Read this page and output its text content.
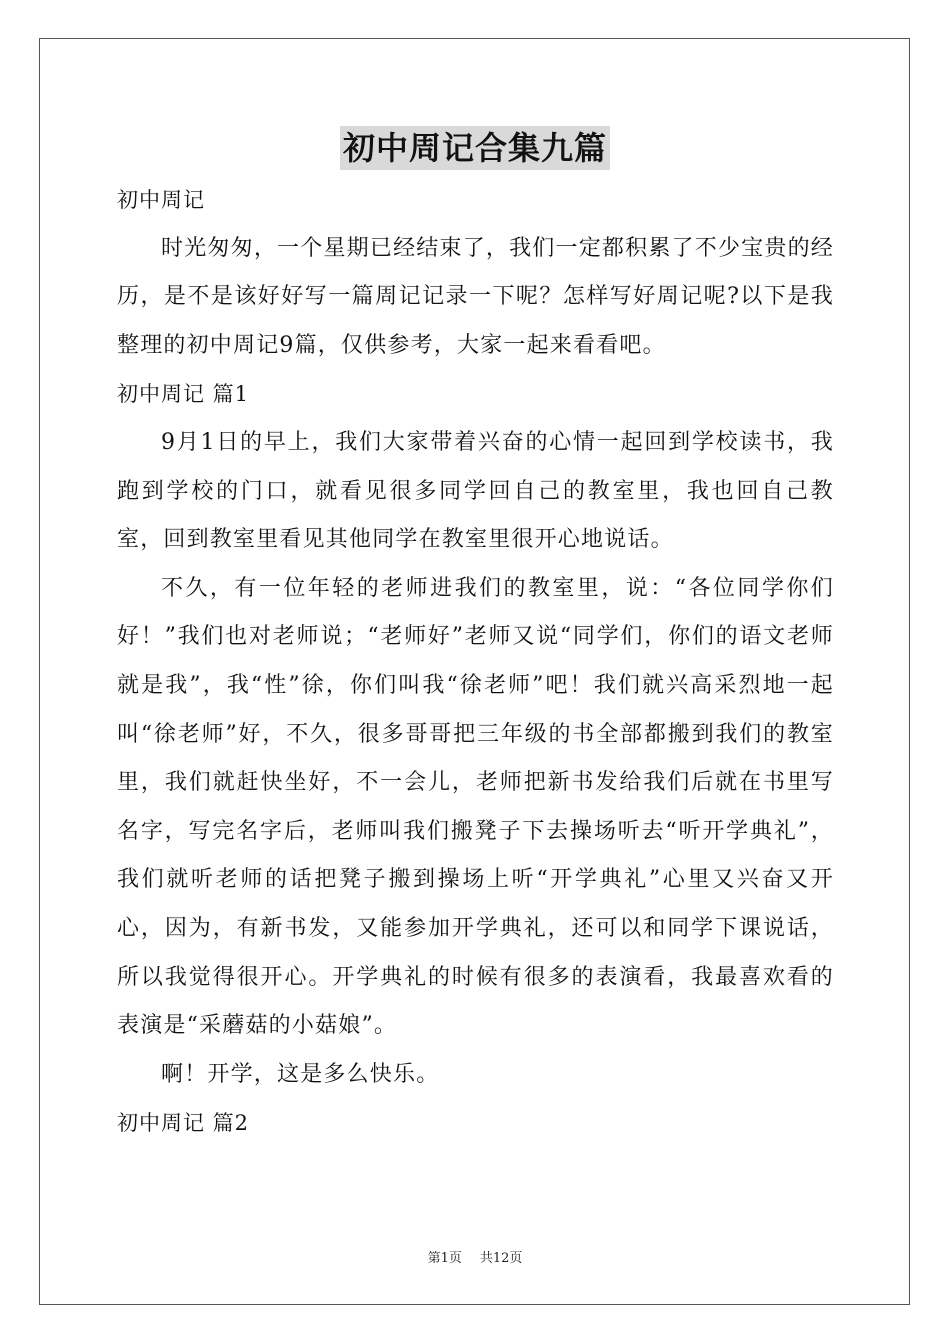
初中周记合集九篇

初中周记

时光匆匆，一个星期已经结束了，我们一定都积累了不少宝贵的经历，是不是该好好写一篇周记记录一下呢？怎样写好周记呢?以下是我整理的初中周记9篇，仅供参考，大家一起来看看吧。

初中周记 篇1

9月1日的早上，我们大家带着兴奋的心情一起回到学校读书，我跑到学校的门口，就看见很多同学回自己的教室里，我也回自己教室，回到教室里看见其他同学在教室里很开心地说话。

不久，有一位年轻的老师进我们的教室里，说：“各位同学你们好！”我们也对老师说；“老师好”老师又说“同学们，你们的语文老师就是我”，我“性”徐，你们叫我“徐老师”吧！我们就兴高采烈地一起叫“徐老师”好，不久，很多哥哥把三年级的书全部都搬到我们的教室里，我们就赶快坐好，不一会儿，老师把新书发给我们后就在书里写名字，写完名字后，老师叫我们搬凳子下去操场听去“听开学典礼”，我们就听老师的话把凳子搬到操场上听“开学典礼”心里又兴奋又开心，因为，有新书发，又能参加开学典礼，还可以和同学下课说话，所以我觉得很开心。开学典礼的时候有很多的表演看，我最喜欢看的表演是“采蘑菇的小菇娘”。

啊！开学，这是多么快乐。

初中周记 篇2

第1页 共12页
